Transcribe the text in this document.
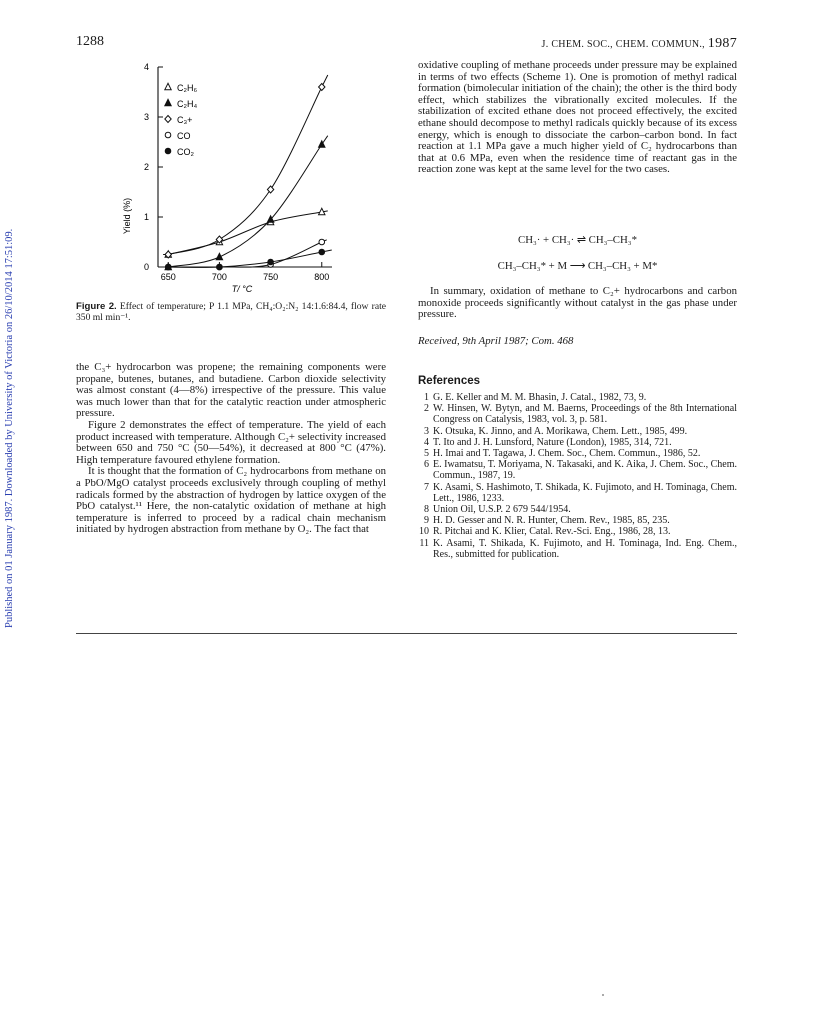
1288	J. CHEM. SOC., CHEM. COMMUN., 1987
Published on 01 January 1987. Downloaded by University of Victoria on 26/10/2014 17:51:09.	0
1
2
3
4
650	700	750	800
C₂H₆
C₂H₄
C₃+
CO
CO₂
Yield (%)
T/ °C
Figure 2. Effect of temperature; P 1.1 MPa, CH₄:O₂:N₂ 14:1.6:84.4, flow rate 350 ml min⁻¹.

the C₃+ hydrocarbon was propene; the remaining components were propane, butenes, butanes, and butadiene. Carbon dioxide selectivity was almost constant (4—8%) irrespective of the pressure. This value was much lower than that for the catalytic reaction under atmospheric pressure.

Figure 2 demonstrates the effect of temperature. The yield of each product increased with temperature. Although C₂+ selectivity increased between 650 and 750 °C (50—54%), it decreased at 800 °C (47%). High temperature favoured ethylene formation.

It is thought that the formation of C₂ hydrocarbons from methane on a PbO/MgO catalyst proceeds exclusively through coupling of methyl radicals formed by the abstraction of hydrogen by lattice oxygen of the PbO catalyst.¹¹ Here, the non-catalytic oxidation of methane at high temperature is inferred to proceed by a radical chain mechanism initiated by hydrogen abstraction from methane by O₂. The fact that

oxidative coupling of methane proceeds under pressure may be explained in terms of two effects (Scheme 1). One is promotion of methyl radical formation (bimolecular initiation of the chain); the other is the third body effect, which stabilizes the vibrationally excited molecules. If the stabilization of excited ethane does not proceed effectively, the excited ethane should decompose to methyl radicals quickly because of its excess energy, which is enough to dissociate the carbon–carbon bond. In fact reaction at 1.1 MPa gave a much higher yield of C₂ hydrocarbons than that at 0.6 MPa, even when the residence time of reactant gas in the reaction zone was kept at the same level for the two cases.

CH₃· + CH₃· ⇌ CH₃–CH₃*
CH₃–CH₃* + M ⟶ CH₃–CH₃ + M*

In summary, oxidation of methane to C₂+ hydrocarbons and carbon monoxide proceeds significantly without catalyst in the gas phase under pressure.

Received, 9th April 1987; Com. 468
References
1 G. E. Keller and M. M. Bhasin, J. Catal., 1982, 73, 9.
2 W. Hinsen, W. Bytyn, and M. Baerns, Proceedings of the 8th International Congress on Catalysis, 1983, vol. 3, p. 581.
3 K. Otsuka, K. Jinno, and A. Morikawa, Chem. Lett., 1985, 499.
4 T. Ito and J. H. Lunsford, Nature (London), 1985, 314, 721.
5 H. Imai and T. Tagawa, J. Chem. Soc., Chem. Commun., 1986, 52.
6 E. Iwamatsu, T. Moriyama, N. Takasaki, and K. Aika, J. Chem. Soc., Chem. Commun., 1987, 19.
7 K. Asami, S. Hashimoto, T. Shikada, K. Fujimoto, and H. Tominaga, Chem. Lett., 1986, 1233.
8 Union Oil, U.S.P. 2 679 544/1954.
9 H. D. Gesser and N. R. Hunter, Chem. Rev., 1985, 85, 235.
10 R. Pitchai and K. Klier, Catal. Rev.-Sci. Eng., 1986, 28, 13.
11 K. Asami, T. Shikada, K. Fujimoto, and H. Tominaga, Ind. Eng. Chem., Res., submitted for publication.
